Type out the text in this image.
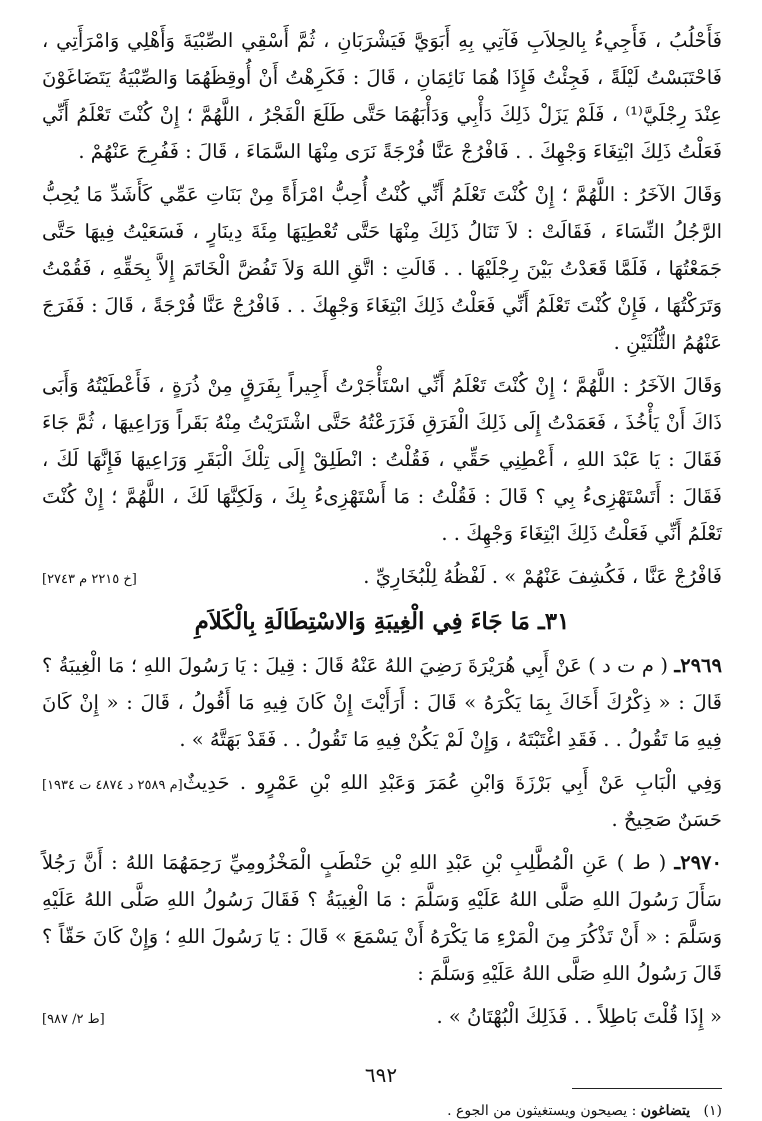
فَأَحْلُبُ ، فَأَجِيءُ بِالحِلاَبِ فَآتِي بِهِ أَبَوَيَّ فَيَشْرَبَانِ ، ثُمَّ أَسْقِي الصِّبْيَةَ وَأَهْلِي وَامْرَأَتِي ، فَاحْتَبَسْتُ لَيْلَةً ، فَجِئْتُ فَإِذَا هُمَا نَائِمَانِ ، قَالَ : فَكَرِهْتُ أَنْ أُوقِظَهُمَا وَالصِّبْيَةُ يَتَضَاغَوْنَ عِنْدَ رِجْلَيَّ⁽¹⁾ ، فَلَمْ يَزَلْ ذَلِكَ دَأْبِي وَدَأْبَهُمَا حَتَّى طَلَعَ الْفَجْرُ ، اللَّهُمَّ ؛ إِنْ كُنْتَ تَعْلَمُ أَنِّي فَعَلْتُ ذَلِكَ ابْتِغَاءَ وَجْهِكَ . . فَافْرُجْ عَنَّا فُرْجَةً نَرَى مِنْهَا السَّمَاءَ ، قَالَ : فَفُرِجَ عَنْهُمْ .

وَقَالَ الآخَرُ : اللَّهُمَّ ؛ إِنْ كُنْتَ تَعْلَمُ أَنِّي كُنْتُ أُحِبُّ امْرَأَةً مِنْ بَنَاتِ عَمِّي كَأَشَدِّ مَا يُحِبُّ الرَّجُلُ النِّسَاءَ ، فَقَالَتْ : لاَ تَنَالُ ذَلِكَ مِنْهَا حَتَّى تُعْطِيَهَا مِئَةَ دِينَارٍ ، فَسَعَيْتُ فِيهَا حَتَّى جَمَعْتُهَا ، فَلَمَّا قَعَدْتُ بَيْنَ رِجْلَيْهَا . . قَالَتِ : اتَّقِ اللهَ وَلاَ تَفُضَّ الْخَاتَمَ إِلاَّ بِحَقِّهِ ، فَقُمْتُ وَتَرَكْتُهَا ، فَإِنْ كُنْتَ تَعْلَمُ أَنِّي فَعَلْتُ ذَلِكَ ابْتِغَاءَ وَجْهِكَ . . فَافْرُجْ عَنَّا فُرْجَةً ، قَالَ : فَفَرَجَ عَنْهُمُ الثُّلُثَيْنِ .

وَقَالَ الآخَرُ : اللَّهُمَّ ؛ إِنْ كُنْتَ تَعْلَمُ أَنِّي اسْتَأْجَرْتُ أَجِيراً بِفَرَقٍ مِنْ ذُرَةٍ ، فَأَعْطَيْتُهُ وَأَبَى ذَاكَ أَنْ يَأْخُذَ ، فَعَمَدْتُ إِلَى ذَلِكَ الْفَرَقِ فَزَرَعْتُهُ حَتَّى اشْتَرَيْتُ مِنْهُ بَقَراً وَرَاعِيهَا ، ثُمَّ جَاءَ فَقَالَ : يَا عَبْدَ اللهِ ، أَعْطِنِي حَقِّي ، فَقُلْتُ : انْطَلِقْ إِلَى تِلْكَ الْبَقَرِ وَرَاعِيهَا فَإِنَّهَا لَكَ ، فَقَالَ : أَتَسْتَهْزِىءُ بِي ؟ قَالَ : فَقُلْتُ : مَا أَسْتَهْزِىءُ بِكَ ، وَلَكِنَّهَا لَكَ ، اللَّهُمَّ ؛ إِنْ كُنْتَ تَعْلَمُ أَنِّي فَعَلْتُ ذَلِكَ ابْتِغَاءَ وَجْهِكَ . .

فَافْرُجْ عَنَّا ، فَكُشِفَ عَنْهُمْ » . لَفْظُهُ لِلْبُخَارِيِّ .
[خ ٢٢١٥ م ٢٧٤٣]
٣١ـ مَا جَاءَ فِي الْغِيبَةِ وَالاسْتِطَالَةِ بِالْكَلاَمِ

٢٩٦٩ـ ( م ت د ) عَنْ أَبِي هُرَيْرَةَ رَضِيَ اللهُ عَنْهُ قَالَ : قِيلَ : يَا رَسُولَ اللهِ ؛ مَا الْغِيبَةُ ؟ قَالَ : « ذِكْرُكَ أَخَاكَ بِمَا يَكْرَهُ » قَالَ : أَرَأَيْتَ إِنْ كَانَ فِيهِ مَا أَقُولُ ، قَالَ : « إِنْ كَانَ فِيهِ مَا تَقُولُ . . فَقَدِ اغْتَبْتَهُ ، وَإِنْ لَمْ يَكُنْ فِيهِ مَا تَقُولُ . . فَقَدْ بَهَتَّهُ » .

وَفِي الْبَابِ عَنْ أَبِي بَرْزَةَ وَابْنِ عُمَرَ وَعَبْدِ اللهِ بْنِ عَمْرٍو . حَدِيثٌ حَسَنٌ صَحِيحٌ .
[م ٢٥٨٩ د ٤٨٧٤ ت ١٩٣٤]

٢٩٧٠ـ ( ط ) عَنِ الْمُطَّلِبِ بْنِ عَبْدِ اللهِ بْنِ حَنْطَبٍ الْمَخْزُومِيِّ رَحِمَهُمَا اللهُ : أَنَّ رَجُلاً سَأَلَ رَسُولَ اللهِ صَلَّى اللهُ عَلَيْهِ وَسَلَّمَ : مَا الْغِيبَةُ ؟ فَقَالَ رَسُولُ اللهِ صَلَّى اللهُ عَلَيْهِ وَسَلَّمَ : « أَنْ تَذْكُرَ مِنَ الْمَرْءِ مَا يَكْرَهُ أَنْ يَسْمَعَ » قَالَ : يَا رَسُولَ اللهِ ؛ وَإِنْ كَانَ حَقّاً ؟ قَالَ رَسُولُ اللهِ صَلَّى اللهُ عَلَيْهِ وَسَلَّمَ :

« إِذَا قُلْتَ بَاطِلاً . . فَذَلِكَ الْبُهْتَانُ » .
[ط ٢/ ٩٨٧]
(١)   يتضاغون : يصيحون ويستغيثون من الجوع .
٦٩٢
